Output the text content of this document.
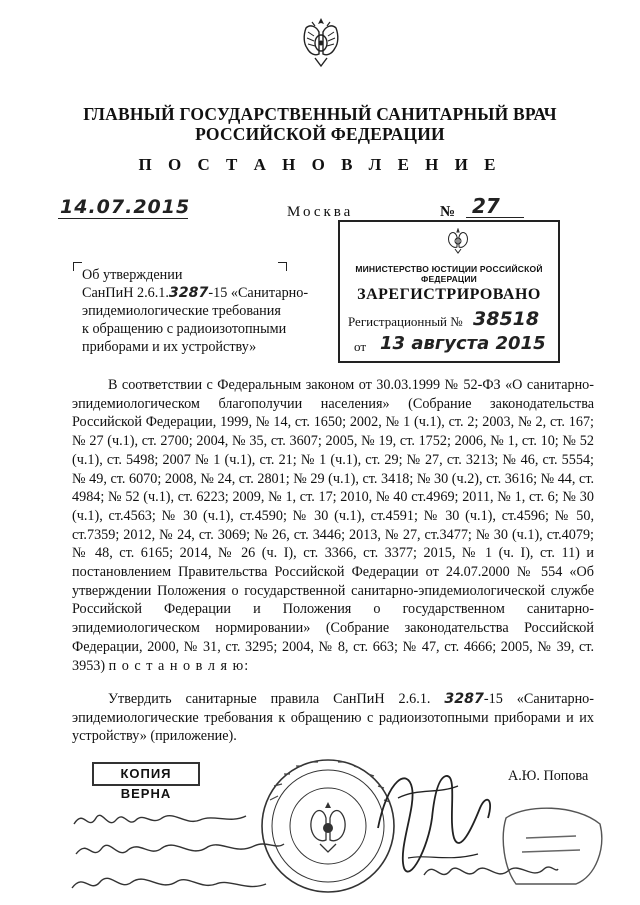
ГЛАВНЫЙ ГОСУДАРСТВЕННЫЙ САНИТАРНЫЙ ВРАЧ
РОССИЙСКОЙ ФЕДЕРАЦИИ
П О С Т А Н О В Л Е Н И Е
14.07.2015	Москва	№ 27
Об утверждении
СанПиН 2.6.1.3287-15 «Санитарно-
эпидемиологические требования
к обращению с радиоизотопными
приборами и их устройству»
МИНИСТЕРСТВО ЮСТИЦИИ РОССИЙСКОЙ ФЕДЕРАЦИИ
ЗАРЕГИСТРИРОВАНО
Регистрационный № 38518
от 13 августа 2015
В соответствии с Федеральным законом от 30.03.1999 № 52-ФЗ «О санитарно-эпидемиологическом благополучии населения» (Собрание законодательства Российской Федерации, 1999, № 14, ст. 1650; 2002, № 1 (ч.1), ст. 2; 2003, № 2, ст. 167; № 27 (ч.1), ст. 2700; 2004, № 35, ст. 3607; 2005, № 19, ст. 1752; 2006, № 1, ст. 10; № 52 (ч.1), ст. 5498; 2007 № 1 (ч.1), ст. 21; № 1 (ч.1), ст. 29; № 27, ст. 3213; № 46, ст. 5554; № 49, ст. 6070; 2008, № 24, ст. 2801; № 29 (ч.1), ст. 3418; № 30 (ч.2), ст. 3616; № 44, ст. 4984; № 52 (ч.1), ст. 6223; 2009, № 1, ст. 17; 2010, № 40 ст.4969; 2011, № 1, ст. 6; № 30 (ч.1), ст.4563; № 30 (ч.1), ст.4590; № 30 (ч.1), ст.4591; № 30 (ч.1), ст.4596; № 50, ст.7359; 2012, № 24, ст. 3069; № 26, ст. 3446; 2013, № 27, ст.3477; № 30 (ч.1), ст.4079; № 48, ст. 6165; 2014, № 26 (ч. I), ст. 3366, ст. 3377; 2015, № 1 (ч. I), ст. 11) и постановлением Правительства Российской Федерации от 24.07.2000 № 554 «Об утверждении Положения о государственной санитарно-эпидемиологической службе Российской Федерации и Положения о государственном санитарно-эпидемиологическом нормировании» (Собрание законодательства Российской Федерации, 2000, № 31, ст. 3295; 2004, № 8, ст. 663; № 47, ст. 4666; 2005, № 39, ст. 3953) п о с т а н о в л я ю:
Утвердить санитарные правила СанПиН 2.6.1. 3287-15 «Санитарно-эпидемиологические требования к обращению с радиоизотопными приборами и их устройству» (приложение).
КОПИЯ ВЕРНА
А.Ю. Попова
